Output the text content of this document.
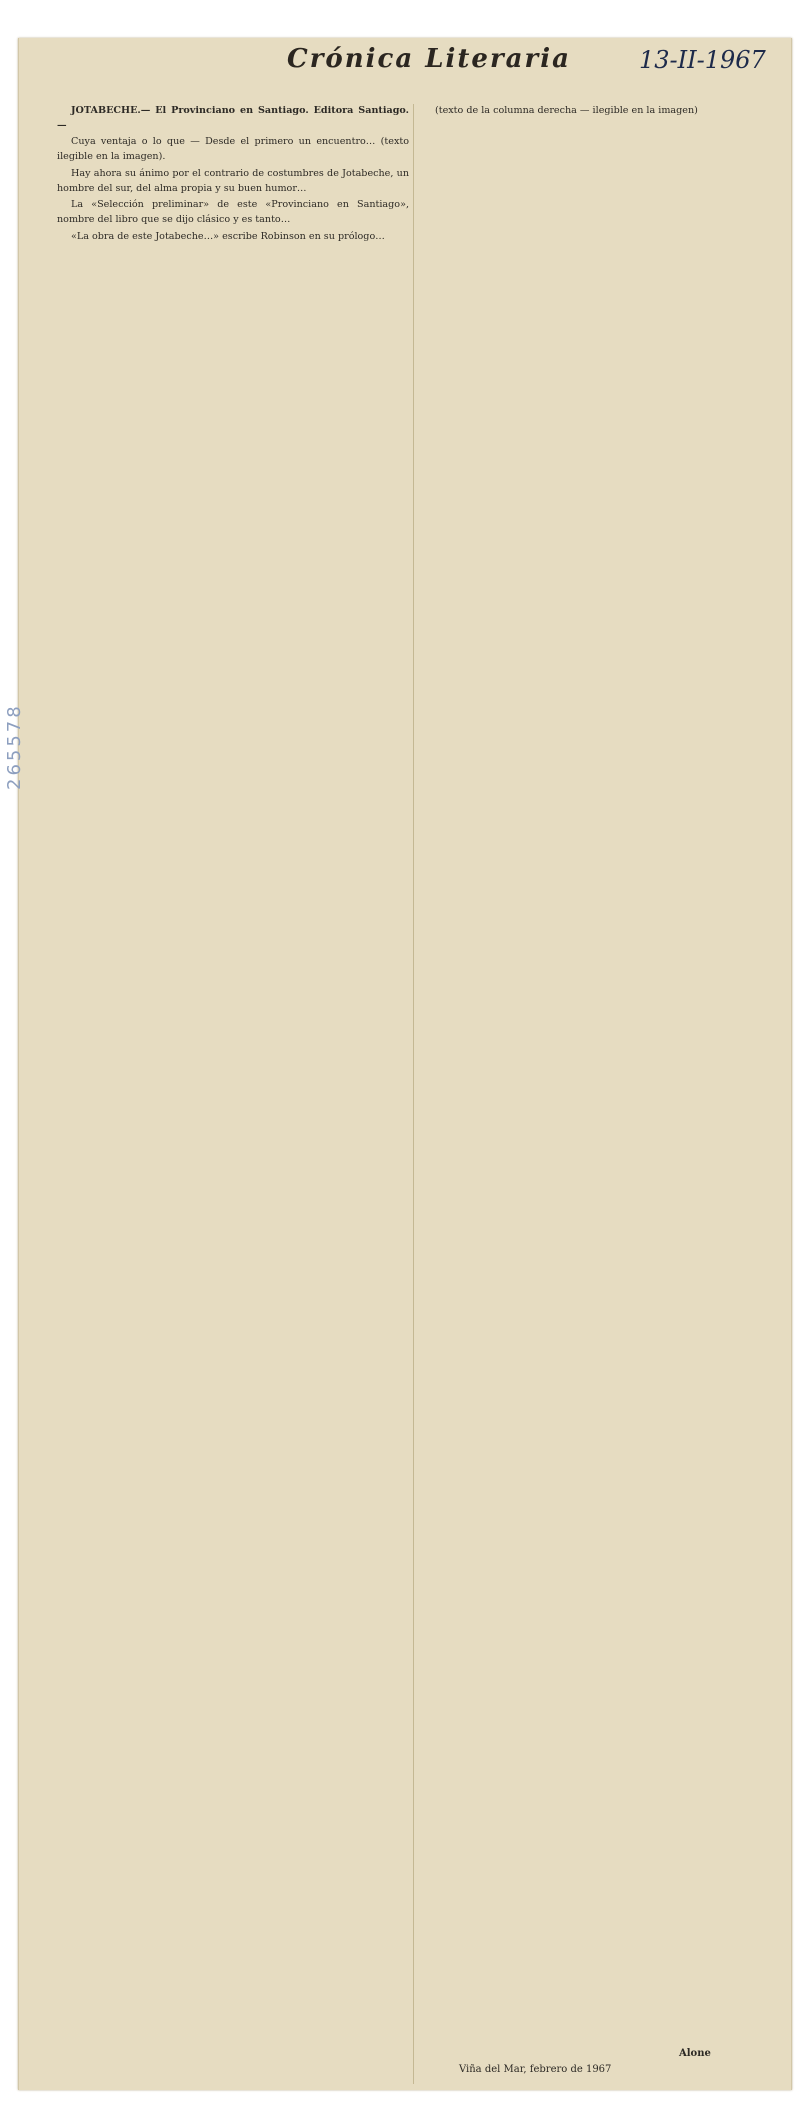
Crónica Literaria	13-II-1967

JOTABECHE.— El Provinciano en Santiago. Editora Santiago.—

Cuya ventaja o lo que — Desde el primero un encuentro… (texto ilegible en la imagen).

Hay ahora su ánimo por el contrario de costumbres de Jotabeche, un hombre del sur, del alma propia y su buen humor…

La «Selección preliminar» de este «Provinciano en Santiago», nombre del libro que se dijo clásico y es tanto…

«La obra de este Jotabeche…» escribe Robinson en su prólogo…

(texto de la columna derecha — ilegible en la imagen)

Alone
Viña del Mar, febrero de 1967
265578
